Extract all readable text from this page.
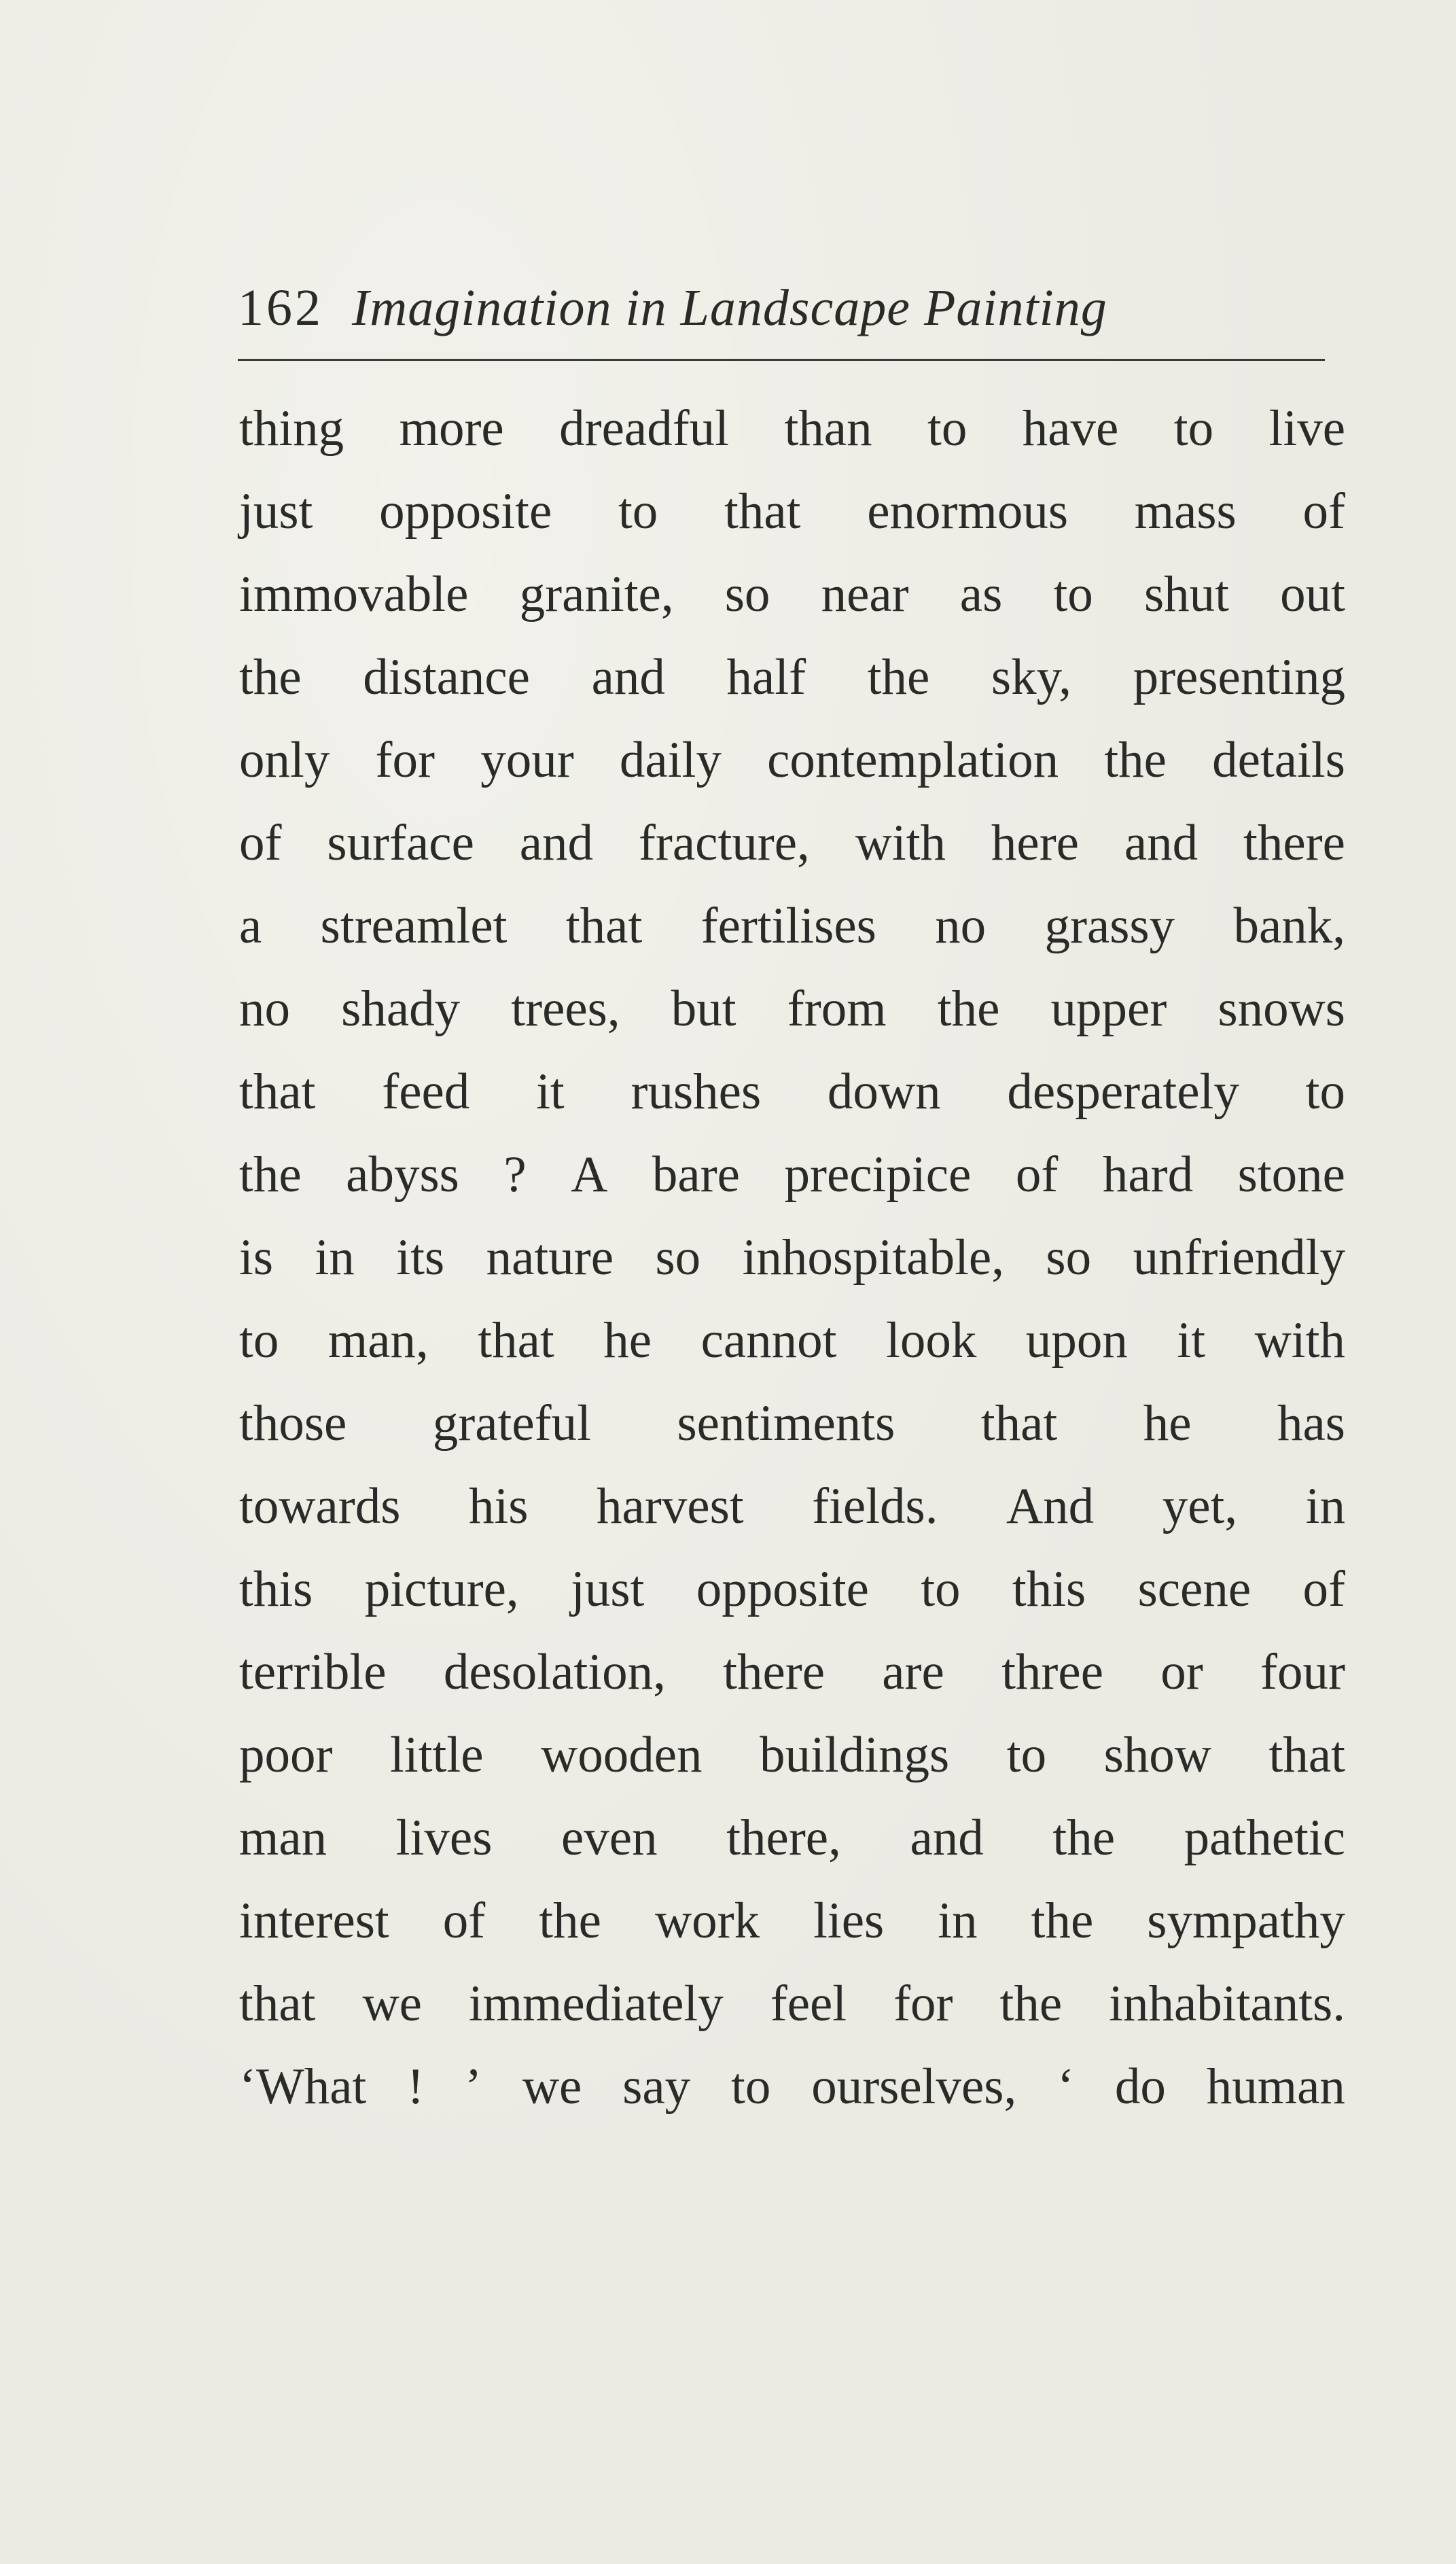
162 Imagination in Landscape Painting
thing more dreadful than to have to live
just opposite to that enormous mass of
immovable granite, so near as to shut out
the distance and half the sky, presenting
only for your daily contemplation the details
of surface and fracture, with here and there
a streamlet that fertilises no grassy bank,
no shady trees, but from the upper snows
that feed it rushes down desperately to
the abyss ? A bare precipice of hard stone
is in its nature so inhospitable, so unfriendly
to man, that he cannot look upon it with
those grateful sentiments that he has
towards his harvest fields. And yet, in
this picture, just opposite to this scene of
terrible desolation, there are three or four
poor little wooden buildings to show that
man lives even there, and the pathetic
interest of the work lies in the sympathy
that we immediately feel for the inhabitants.
‘What ! ’ we say to ourselves, ‘ do human
